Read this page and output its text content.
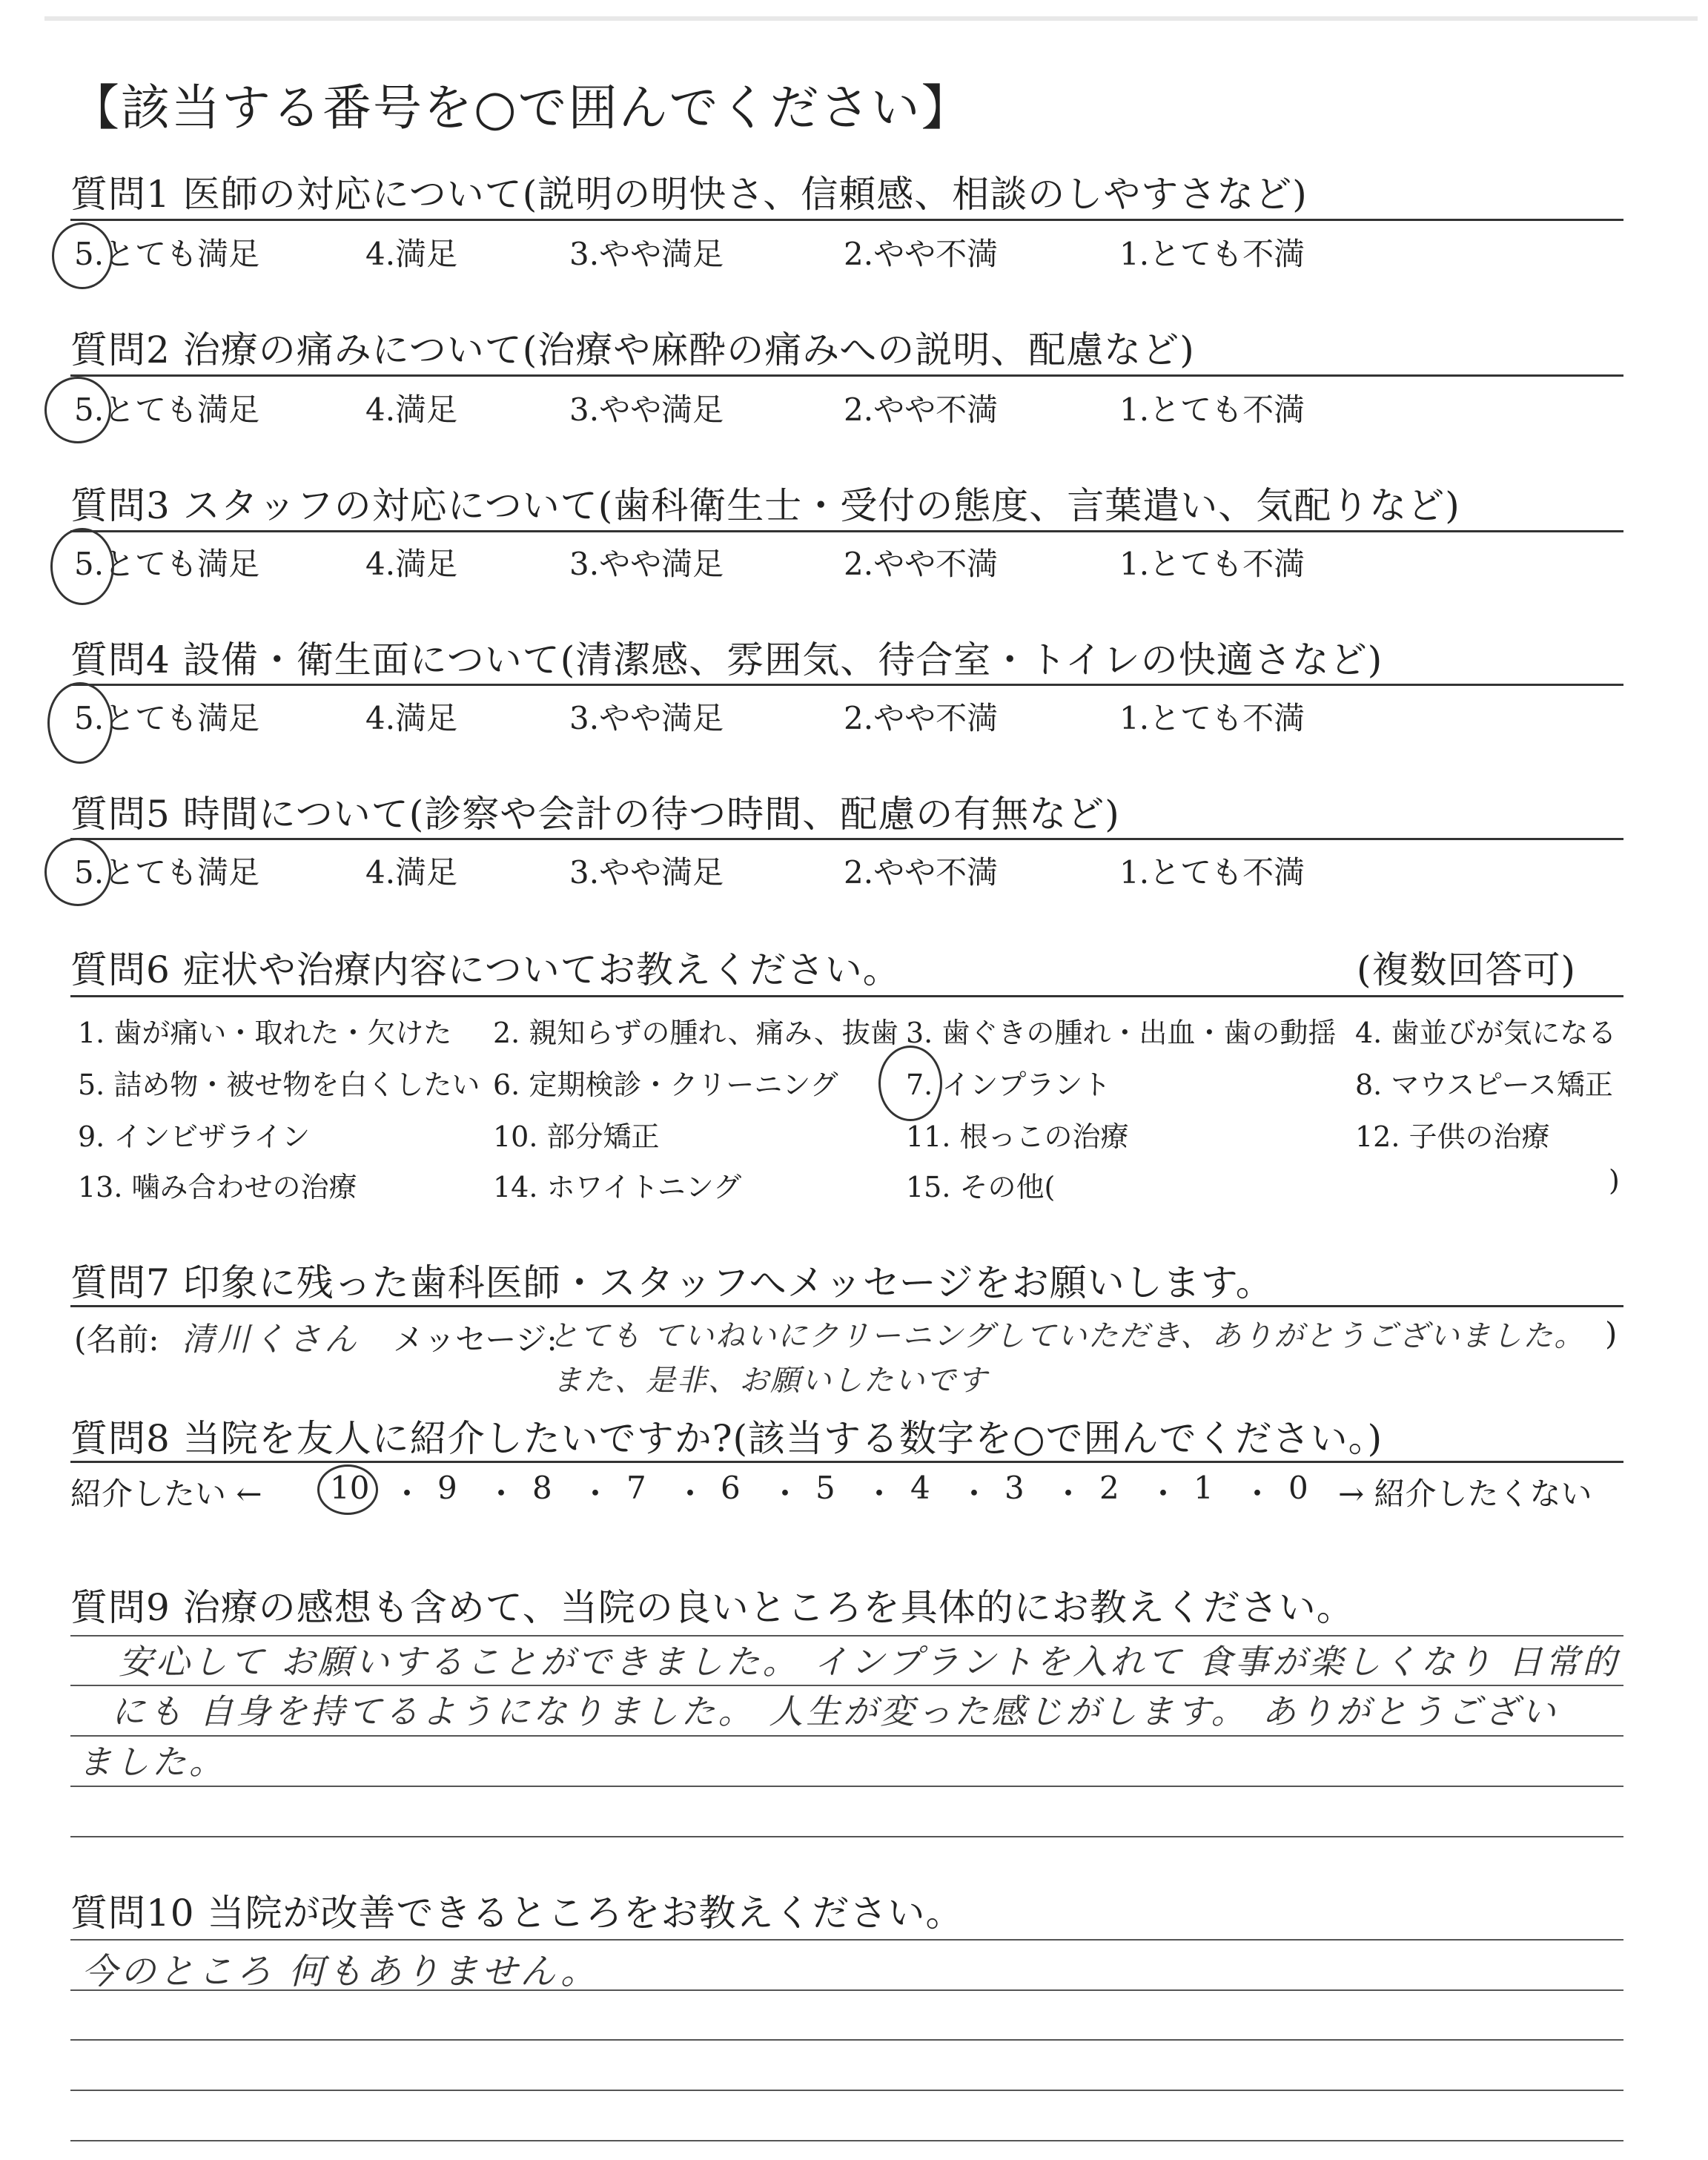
【該当する番号を○で囲んでください】
質問1 医師の対応について(説明の明快さ、信頼感、相談のしやすさなど)
5.とても満足	4.満足	3.やや満足	2.やや不満	1.とても不満
質問2 治療の痛みについて(治療や麻酔の痛みへの説明、配慮など)
5.とても満足	4.満足	3.やや満足	2.やや不満	1.とても不満
質問3 スタッフの対応について(歯科衛生士・受付の態度、言葉遣い、気配りなど)
5.とても満足	4.満足	3.やや満足	2.やや不満	1.とても不満
質問4 設備・衛生面について(清潔感、雰囲気、待合室・トイレの快適さなど)
5.とても満足	4.満足	3.やや満足	2.やや不満	1.とても不満
質問5 時間について(診察や会計の待つ時間、配慮の有無など)
5.とても満足	4.満足	3.やや満足	2.やや不満	1.とても不満
質問6 症状や治療内容についてお教えください。	(複数回答可)
1. 歯が痛い・取れた・欠けた 2. 親知らずの腫れ、痛み、抜歯 3. 歯ぐきの腫れ・出血・歯の動揺 4. 歯並びが気になる
5. 詰め物・被せ物を白くしたい 6. 定期検診・クリーニング 7. インプラント	8. マウスピース矯正
9. インビザライン	10. 部分矯正	11. 根っこの治療	12. 子供の治療
13. 噛み合わせの治療	14. ホワイトニング	15. その他(	)
質問7 印象に残った歯科医師・スタッフへメッセージをお願いします。
(名前: 清川くさん メッセージ:
とても ていねいにクリーニングしていただき、ありがとうございました。 )
また、是非、お願いしたいです
質問8 当院を友人に紹介したいですか?(該当する数字を○で囲んでください。)
紹介したい ← 10 ・ 9 ・ 8 ・ 7 ・ 6 ・ 5 ・ 4 ・ 3 ・ 2 ・ 1 ・ 0 → 紹介したくない
質問9 治療の感想も含めて、当院の良いところを具体的にお教えください。
安心して お願いすることができました。 インプラントを入れて 食事が楽しくなり 日常的
にも 自身を持てるようになりました。 人生が変った感じがします。 ありがとうござい
ました。
質問10 当院が改善できるところをお教えください。
今のところ 何もありません。
